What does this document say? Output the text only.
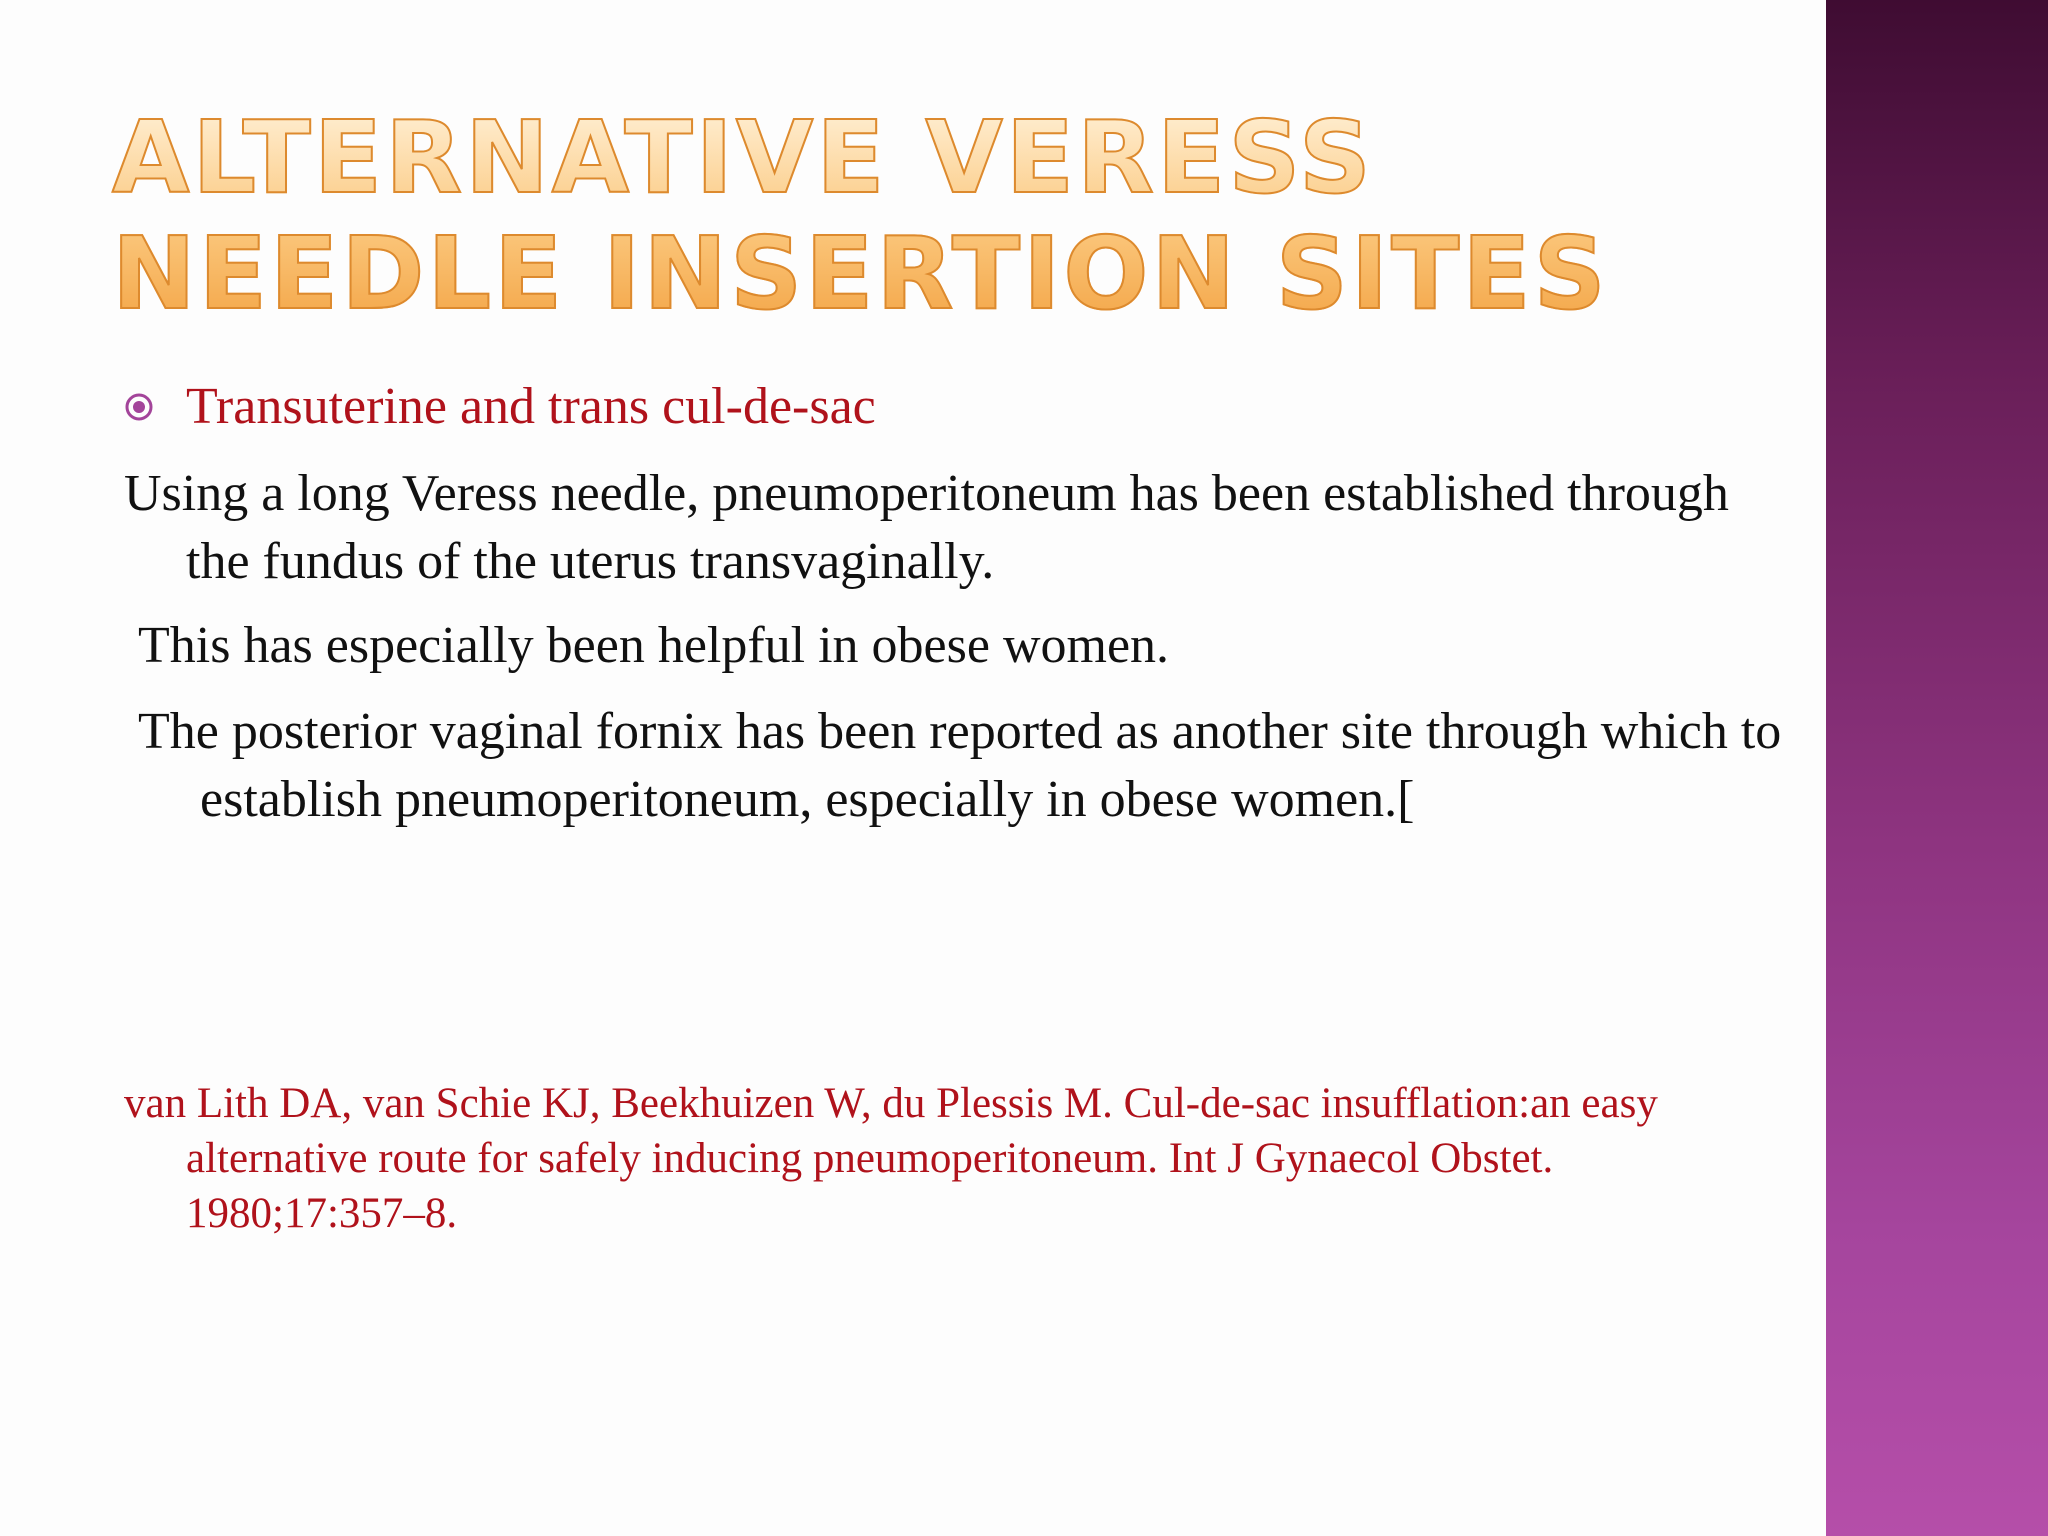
ALTERNATIVE VERESS NEEDLE INSERTION SITES
Transuterine and trans cul-de-sac

Using a long Veress needle, pneumoperitoneum has been established through the fundus of the uterus transvaginally.

This has especially been helpful in obese women.

The posterior vaginal fornix has been reported as another site through which to establish pneumoperitoneum, especially in obese women.[

van Lith DA, van Schie KJ, Beekhuizen W, du Plessis M. Cul-de-sac insufflation:an easy alternative route for safely inducing pneumoperitoneum. Int J Gynaecol Obstet. 1980;17:357–8.
